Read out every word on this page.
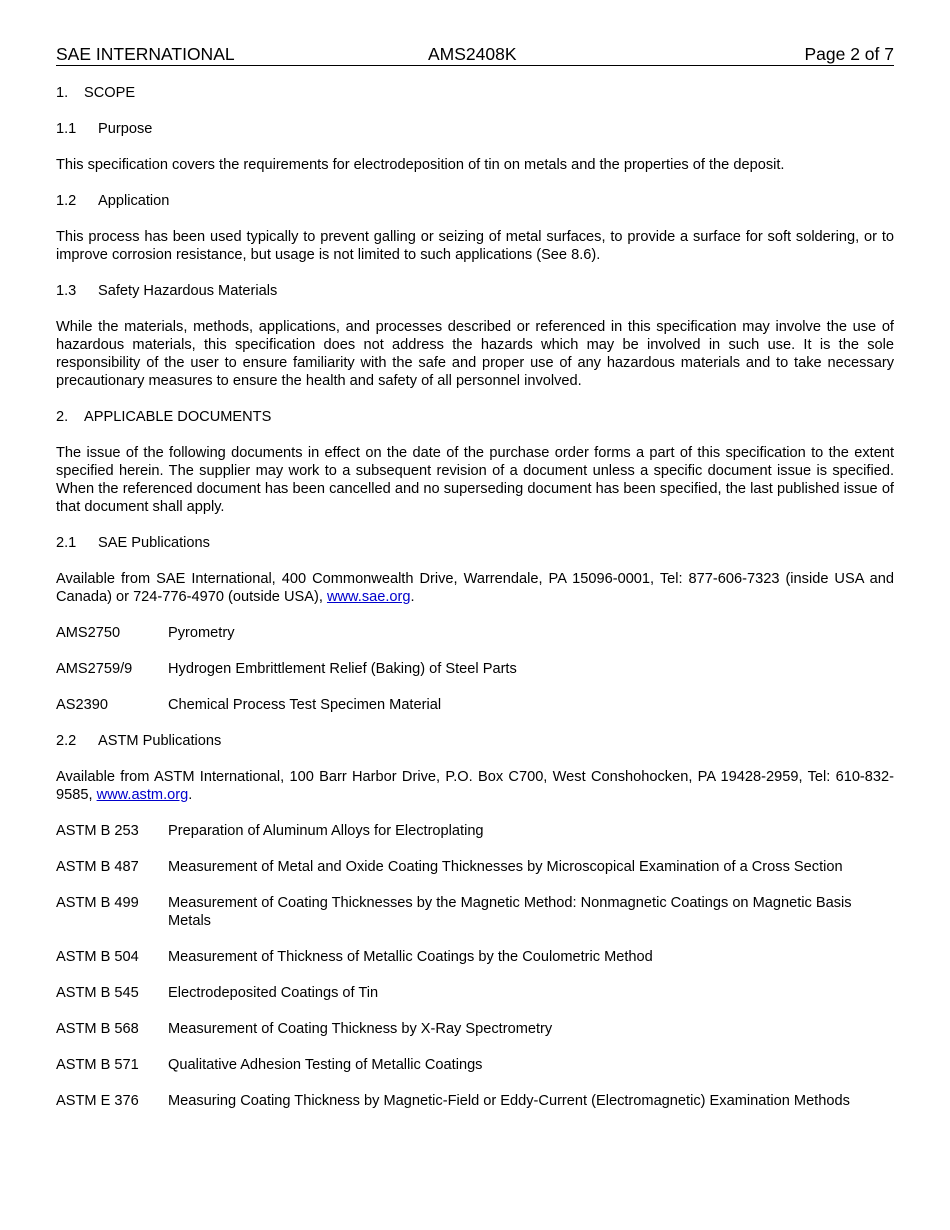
SAE INTERNATIONAL	AMS2408K	Page 2 of 7
1. SCOPE
1.1 Purpose
This specification covers the requirements for electrodeposition of tin on metals and the properties of the deposit.
1.2 Application
This process has been used typically to prevent galling or seizing of metal surfaces, to provide a surface for soft soldering, or to improve corrosion resistance, but usage is not limited to such applications (See 8.6).
1.3 Safety Hazardous Materials
While the materials, methods, applications, and processes described or referenced in this specification may involve the use of hazardous materials, this specification does not address the hazards which may be involved in such use. It is the sole responsibility of the user to ensure familiarity with the safe and proper use of any hazardous materials and to take necessary precautionary measures to ensure the health and safety of all personnel involved.
2. APPLICABLE DOCUMENTS
The issue of the following documents in effect on the date of the purchase order forms a part of this specification to the extent specified herein. The supplier may work to a subsequent revision of a document unless a specific document issue is specified. When the referenced document has been cancelled and no superseding document has been specified, the last published issue of that document shall apply.
2.1 SAE Publications
Available from SAE International, 400 Commonwealth Drive, Warrendale, PA 15096-0001, Tel: 877-606-7323 (inside USA and Canada) or 724-776-4970 (outside USA), www.sae.org.
AMS2750	Pyrometry
AMS2759/9	Hydrogen Embrittlement Relief (Baking) of Steel Parts
AS2390	Chemical Process Test Specimen Material
2.2 ASTM Publications
Available from ASTM International, 100 Barr Harbor Drive, P.O. Box C700, West Conshohocken, PA 19428-2959, Tel: 610-832-9585, www.astm.org.
ASTM B 253	Preparation of Aluminum Alloys for Electroplating
ASTM B 487	Measurement of Metal and Oxide Coating Thicknesses by Microscopical Examination of a Cross Section
ASTM B 499	Measurement of Coating Thicknesses by the Magnetic Method: Nonmagnetic Coatings on Magnetic Basis Metals
ASTM B 504	Measurement of Thickness of Metallic Coatings by the Coulometric Method
ASTM B 545	Electrodeposited Coatings of Tin
ASTM B 568	Measurement of Coating Thickness by X-Ray Spectrometry
ASTM B 571	Qualitative Adhesion Testing of Metallic Coatings
ASTM E 376	Measuring Coating Thickness by Magnetic-Field or Eddy-Current (Electromagnetic) Examination Methods
